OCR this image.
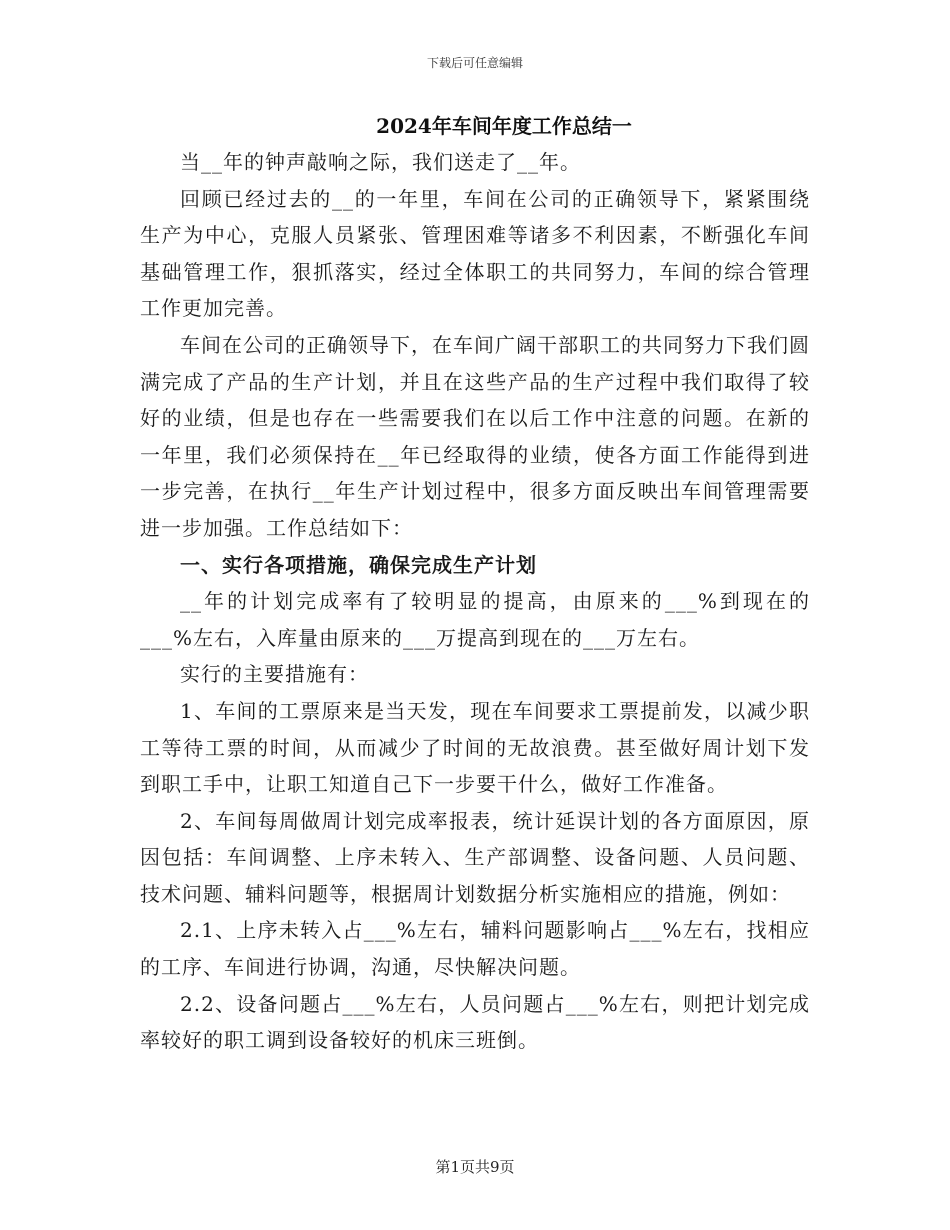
下载后可任意编辑
2024年车间年度工作总结一

当__年的钟声敲响之际，我们送走了__年。

回顾已经过去的__的一年里，车间在公司的正确领导下，紧紧围绕生产为中心，克服人员紧张、管理困难等诸多不利因素，不断强化车间基础管理工作，狠抓落实，经过全体职工的共同努力，车间的综合管理工作更加完善。

车间在公司的正确领导下，在车间广阔干部职工的共同努力下我们圆满完成了产品的生产计划，并且在这些产品的生产过程中我们取得了较好的业绩，但是也存在一些需要我们在以后工作中注意的问题。在新的一年里，我们必须保持在__年已经取得的业绩，使各方面工作能得到进一步完善，在执行__年生产计划过程中，很多方面反映出车间管理需要进一步加强。工作总结如下：

一、实行各项措施，确保完成生产计划

__年的计划完成率有了较明显的提高，由原来的___%到现在的___%左右，入库量由原来的___万提高到现在的___万左右。

实行的主要措施有：

1、车间的工票原来是当天发，现在车间要求工票提前发，以减少职工等待工票的时间，从而减少了时间的无故浪费。甚至做好周计划下发到职工手中，让职工知道自己下一步要干什么，做好工作准备。

2、车间每周做周计划完成率报表，统计延误计划的各方面原因，原因包括：车间调整、上序未转入、生产部调整、设备问题、人员问题、技术问题、辅料问题等，根据周计划数据分析实施相应的措施，例如：

2.1、上序未转入占___%左右，辅料问题影响占___%左右，找相应的工序、车间进行协调，沟通，尽快解决问题。

2.2、设备问题占___%左右，人员问题占___%左右，则把计划完成率较好的职工调到设备较好的机床三班倒。

第1页共9页
